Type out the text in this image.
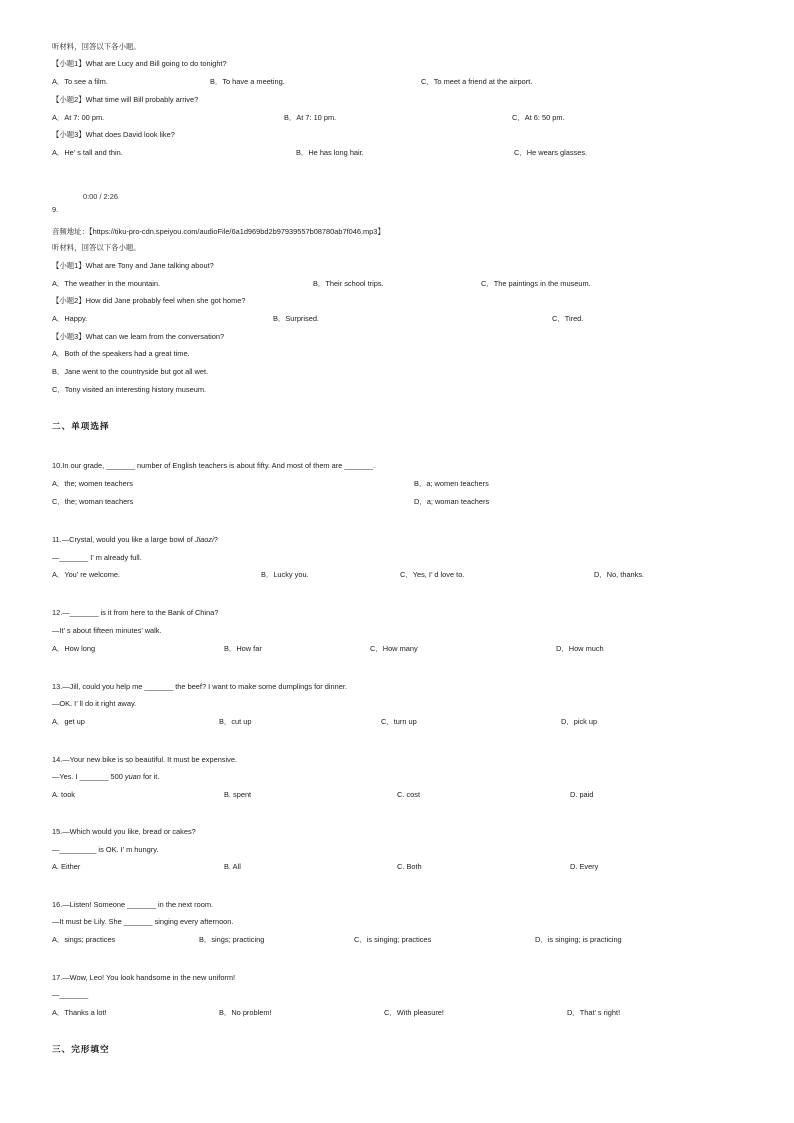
听材料，回答以下各小题。
【小题1】What are Lucy and Bill going to do tonight?
A．To see a film.	B．To have a meeting.	C．To meet a friend at the airport.
【小题2】What time will Bill probably arrive?
A．At 7: 00 pm.	B．At 7: 10 pm.	C．At 6: 50 pm.
【小题3】What does David look like?
A．He’ s tall and thin.	B．He has long hair.	C．He wears glasses.
0:00 / 2:26
9.
音频地址：【https://tiku-pro-cdn.speiyou.com/audioFile/6a1d969bd2b97939557b08780ab7f046.mp3】
听材料，回答以下各小题。
【小题1】What are Tony and Jane talking about?
A．The weather in the mountain.	B．Their school trips.	C．The paintings in the museum.
【小题2】How did Jane probably feel when she got home?
A．Happy.	B．Surprised.	C．Tired.
【小题3】What can we learn from the conversation?
A．Both of the speakers had a great time.
B．Jane went to the countryside but got all wet.
C．Tony visited an interesting history museum.
二、单项选择
10.In our grade, _______ number of English teachers is about fifty. And most of them are _______.
A．the; women teachers	B．a; women teachers
C．the; woman teachers	D．a; woman teachers
11.—Crystal, would you like a large bowl of Jiaozi?
—_______ I’ m already full.
A．You’ re welcome.	B．Lucky you.	C．Yes, I’ d love to.	D．No, thanks.
12.—_______ is it from here to the Bank of China?
—It’ s about fifteen minutes’ walk.
A．How long	B．How far	C．How many	D．How much
13.—Jill, could you help me _______ the beef? I want to make some dumplings for dinner.
—OK. I’ ll do it right away.
A．get up	B．cut up	C．turn up	D．pick up
14.—Your new bike is so beautiful. It must be expensive.
—Yes. I _______ 500 yuan for it.
A. took	B. spent	C. cost	D. paid
15.—Which would you like, bread or cakes?
—_________ is OK. I’ m hungry.
A. Either	B. All	C. Both	D. Every
16.—Listen! Someone _______ in the next room.
—It must be Lily. She _______ singing every afternoon.
A．sings; practices	B．sings; practicing	C．is singing; practices	D．is singing; is practicing
17.—Wow, Leo! You look handsome in the new uniform!
—_______
A．Thanks a lot!	B．No problem!	C．With pleasure!	D．That’ s right!
三、完形填空
